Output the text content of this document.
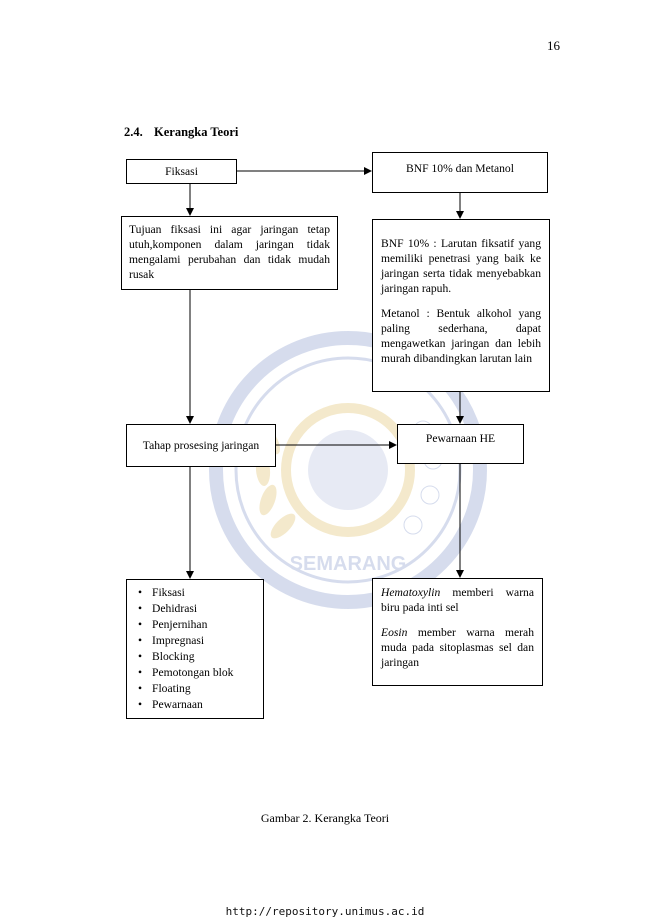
16
2.4. Kerangka Teori
SEMARANG
Fiksasi	BNF 10% dan Metanol

Tujuan fiksasi ini agar jaringan tetap utuh,komponen dalam jaringan tidak mengalami perubahan dan tidak mudah rusak

BNF 10% : Larutan fiksatif yang memiliki penetrasi yang baik ke jaringan serta tidak menyebabkan jaringan rapuh.

Metanol : Bentuk alkohol yang paling sederhana, dapat mengawetkan jaringan dan lebih murah dibandingkan larutan lain

Tahap prosesing jaringan
Pewarnaan HE
• Fiksasi
• Dehidrasi
• Penjernihan
• Impregnasi
• Blocking
• Pemotongan blok
• Floating
• Pewarnaan

Hematoxylin memberi warna biru pada inti sel

Eosin member warna merah muda pada sitoplasmas sel dan jaringan

Gambar 2. Kerangka Teori
http://repository.unimus.ac.id
